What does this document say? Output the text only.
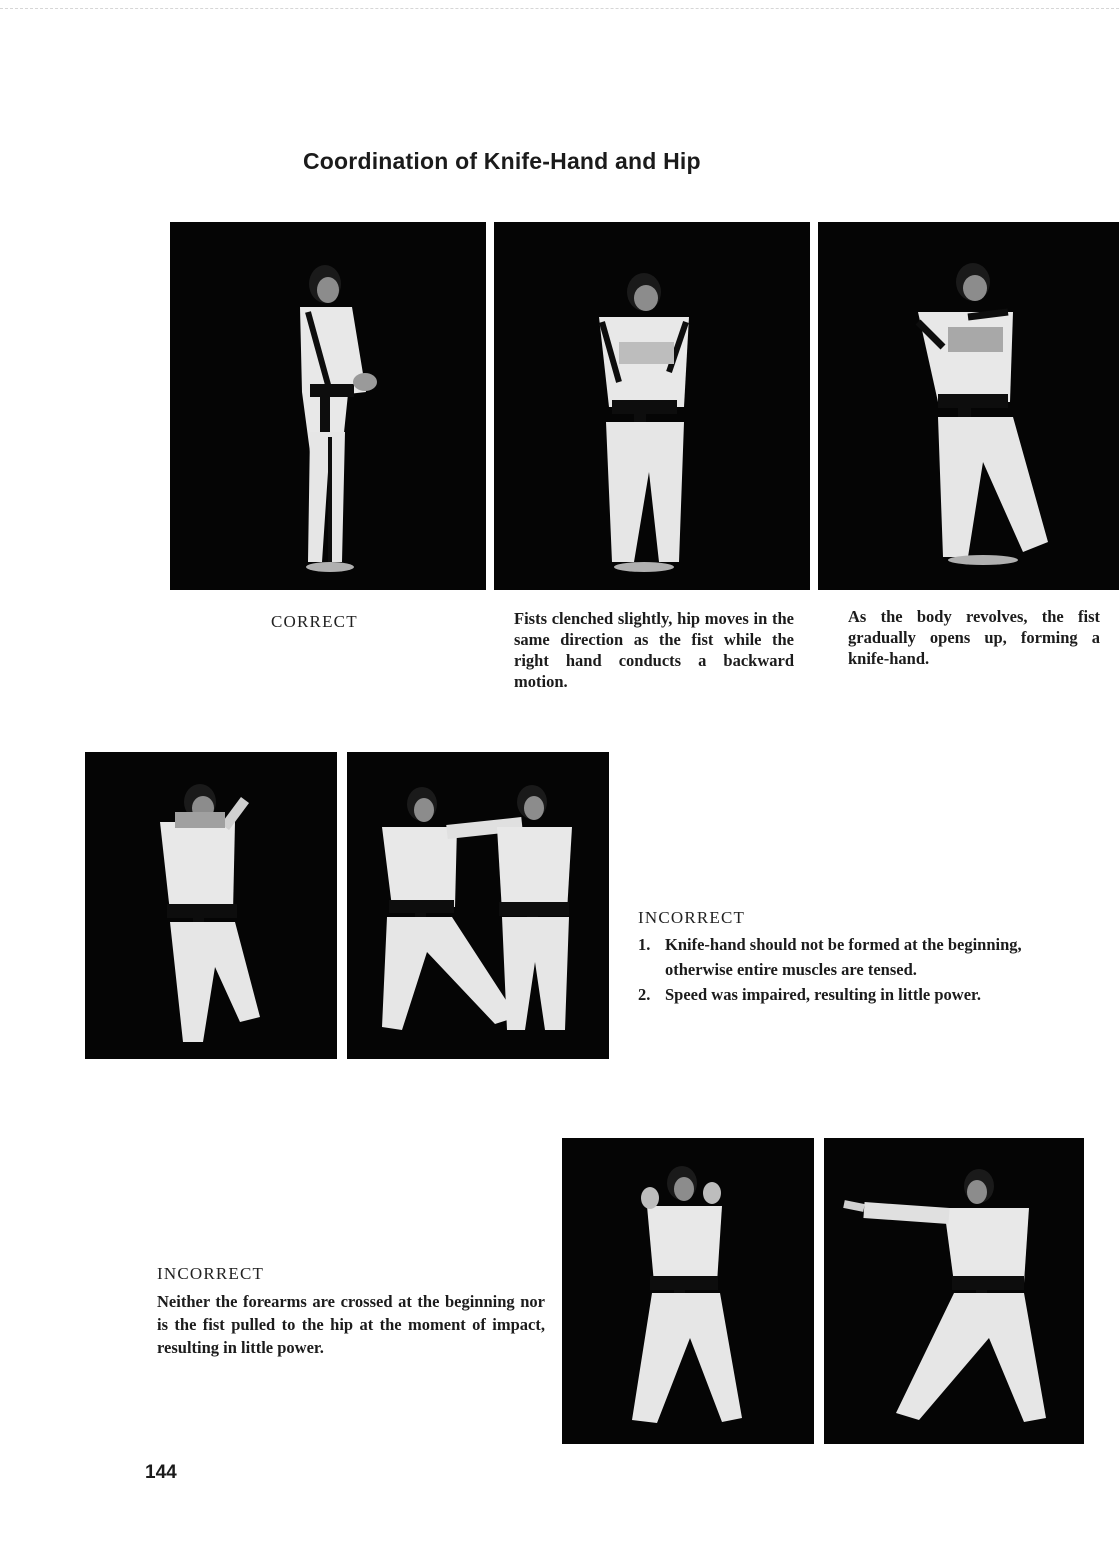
Coordination of Knife-Hand and Hip
CORRECT	Fists clenched slightly, hip moves in the same direction as the fist while the right hand conducts a backward motion.
As the body revolves, the fist gradually opens up, forming a knife-hand.
INCORRECT
1. Knife-hand should not be formed at the beginning, otherwise entire muscles are tensed.
2. Speed was impaired, resulting in little power.
INCORRECT
Neither the forearms are crossed at the beginning nor is the fist pulled to the hip at the moment of impact, resulting in little power.
144
